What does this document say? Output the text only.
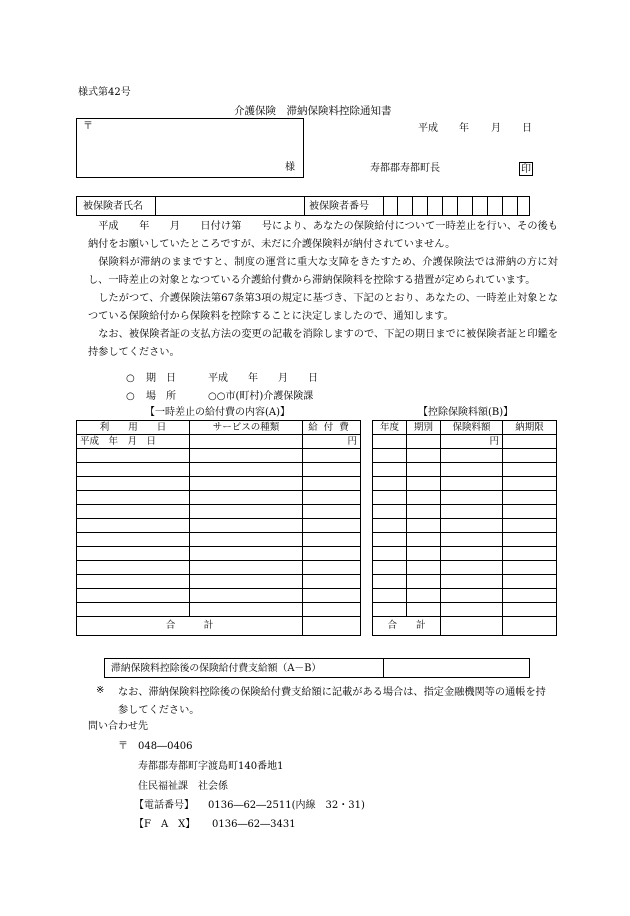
様式第42号
介護保険　滞納保険料控除通知書
〒
様
平成 年 月 日
寿都郡寿都町長	印
被保険者氏名	被保険者番号

平成　　年　　月　　日付け第　　号により、あなたの保険給付について一時差止を行い、その後も納付をお願いしていたところですが、未だに介護保険料が納付されていません。

保険料が滞納のままですと、制度の運営に重大な支障をきたすため、介護保険法では滞納の方に対し、一時差止の対象となつている介護給付費から滞納保険料を控除する措置が定められています。

したがつて、介護保険法第67条第3項の規定に基づき、下記のとおり、あなたの、一時差止対象となつている保険給付から保険料を控除することに決定しましたので、通知します。

なお、被保険者証の支払方法の変更の記載を消除しますので、下記の期日までに被保険者証と印鑑を持参してください。

○ 期　日	平成　　年　　月　　日
○ 場　所	○○市(町村)介護保険課
【一時差止の給付費の内容(A)】	【控除保険料額(B)】
利　　用　　日	サービスの種類	給付費
平成　年　月　日		円

合　　　計		
年度	期別	保険料額	納期限
		円	

合　　計			
滞納保険料控除後の保険給付費支給額（A－B）
※ なお、滞納保険料控除後の保険給付費支給額に記載がある場合は、指定金融機関等の通帳を持参してください。
問い合わせ先
〒 048―0406
寿都郡寿都町字渡島町140番地1
住民福祉課　社会係
【電話番号】 0136―62―2511(内線　32・31)
【F　A　X】 0136―62―3431
